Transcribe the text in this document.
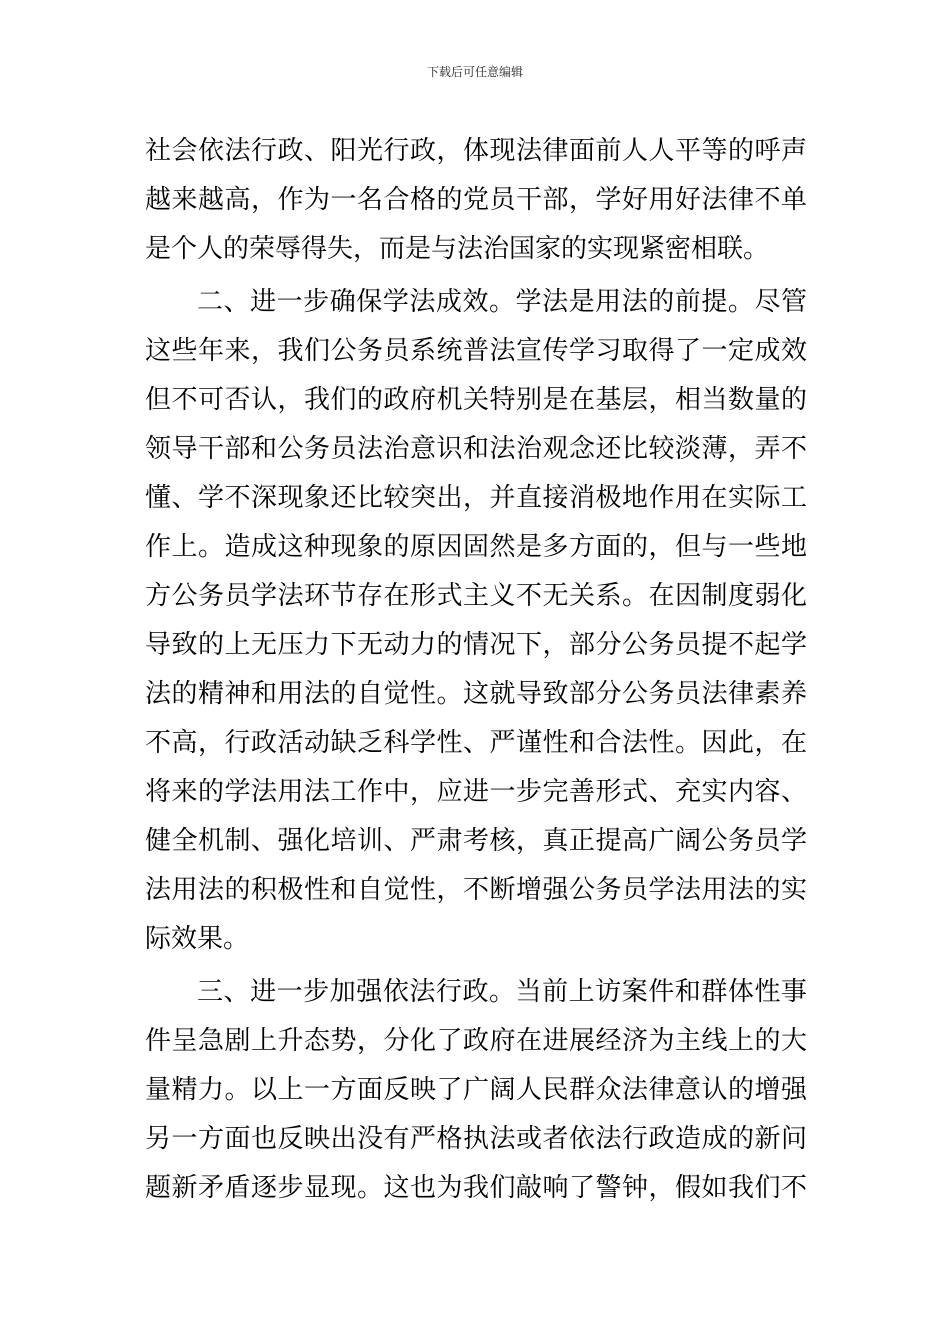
下载后可任意编辑
社会依法行政、阳光行政，体现法律面前人人平等的呼声
越来越高，作为一名合格的党员干部，学好用好法律不单
是个人的荣辱得失，而是与法治国家的实现紧密相联。
二、进一步确保学法成效。学法是用法的前提。尽管
这些年来，我们公务员系统普法宣传学习取得了一定成效
但不可否认，我们的政府机关特别是在基层，相当数量的
领导干部和公务员法治意识和法治观念还比较淡薄，弄不
懂、学不深现象还比较突出，并直接消极地作用在实际工
作上。造成这种现象的原因固然是多方面的，但与一些地
方公务员学法环节存在形式主义不无关系。在因制度弱化
导致的上无压力下无动力的情况下，部分公务员提不起学
法的精神和用法的自觉性。这就导致部分公务员法律素养
不高，行政活动缺乏科学性、严谨性和合法性。因此，在
将来的学法用法工作中，应进一步完善形式、充实内容、
健全机制、强化培训、严肃考核，真正提高广阔公务员学
法用法的积极性和自觉性，不断增强公务员学法用法的实
际效果。
三、进一步加强依法行政。当前上访案件和群体性事
件呈急剧上升态势，分化了政府在进展经济为主线上的大
量精力。以上一方面反映了广阔人民群众法律意认的增强
另一方面也反映出没有严格执法或者依法行政造成的新问
题新矛盾逐步显现。这也为我们敲响了警钟，假如我们不
